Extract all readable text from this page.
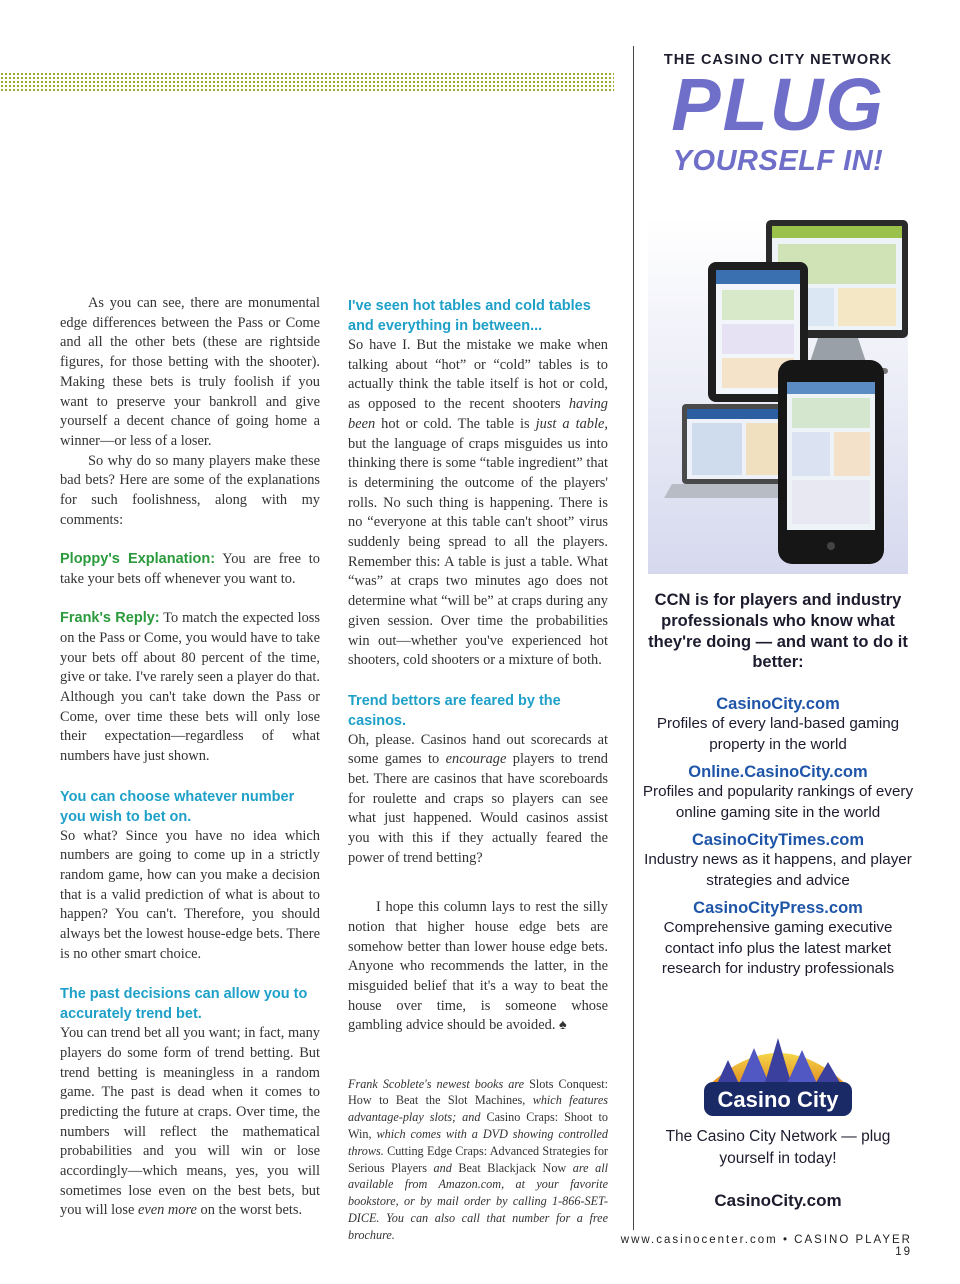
As you can see, there are monumental edge differences between the Pass or Come and all the other bets (these are rightside figures, for those betting with the shooter). Making these bets is truly foolish if you want to preserve your bankroll and give yourself a decent chance of going home a winner—or less of a loser.

So why do so many players make these bad bets? Here are some of the explanations for such foolishness, along with my comments:

Ploppy's Explanation: You are free to take your bets off whenever you want to.

Frank's Reply: To match the expected loss on the Pass or Come, you would have to take your bets off about 80 percent of the time, give or take. I've rarely seen a player do that. Although you can't take down the Pass or Come, over time these bets will only lose their expectation—regardless of what numbers have just shown.

You can choose whatever number you wish to bet on.

So what? Since you have no idea which numbers are going to come up in a strictly random game, how can you make a decision that is a valid prediction of what is about to happen? You can't. Therefore, you should always bet the lowest house-edge bets. There is no other smart choice.

The past decisions can allow you to accurately trend bet.

You can trend bet all you want; in fact, many players do some form of trend betting. But trend betting is meaningless in a random game. The past is dead when it comes to predicting the future at craps. Over time, the numbers will reflect the mathematical probabilities and you will win or lose accordingly—which means, yes, you will sometimes lose even on the best bets, but you will lose even more on the worst bets.

I've seen hot tables and cold tables and everything in between...

So have I. But the mistake we make when talking about “hot” or “cold” tables is to actually think the table itself is hot or cold, as opposed to the recent shooters having been hot or cold. The table is just a table, but the language of craps misguides us into thinking there is some “table ingredient” that is determining the outcome of the players' rolls. No such thing is happening. There is no “everyone at this table can't shoot” virus suddenly being spread to all the players. Remember this: A table is just a table. What “was” at craps two minutes ago does not determine what “will be” at craps during any given session. Over time the probabilities win out—whether you've experienced hot shooters, cold shooters or a mixture of both.

Trend bettors are feared by the casinos.

Oh, please. Casinos hand out scorecards at some games to encourage players to trend bet. There are casinos that have scoreboards for roulette and craps so players can see what just happened. Would casinos assist you with this if they actually feared the power of trend betting?

I hope this column lays to rest the silly notion that higher house edge bets are somehow better than lower house edge bets. Anyone who recommends the latter, in the misguided belief that it's a way to beat the house over time, is someone whose gambling advice should be avoided. ♠

Frank Scoblete's newest books are Slots Conquest: How to Beat the Slot Machines, which features advantage-play slots; and Casino Craps: Shoot to Win, which comes with a DVD showing controlled throws. Cutting Edge Craps: Advanced Strategies for Serious Players and Beat Blackjack Now are all available from Amazon.com, at your favorite bookstore, or by mail order by calling 1-866-SET-DICE. You can also call that number for a free brochure.

THE CASINO CITY NETWORK
PLUG
YOURSELF IN!
CCN is for players and industry professionals who know what they're doing — and want to do it better:
CasinoCity.com
Profiles of every land-based gaming property in the world
Online.CasinoCity.com
Profiles and popularity rankings of every online gaming site in the world
CasinoCityTimes.com
Industry news as it happens, and player strategies and advice
CasinoCityPress.com
Comprehensive gaming executive contact info plus the latest market research for industry professionals
Casino City
The Casino City Network — plug yourself in today!
CasinoCity.com
www.casinocenter.com • CASINO PLAYER 19
